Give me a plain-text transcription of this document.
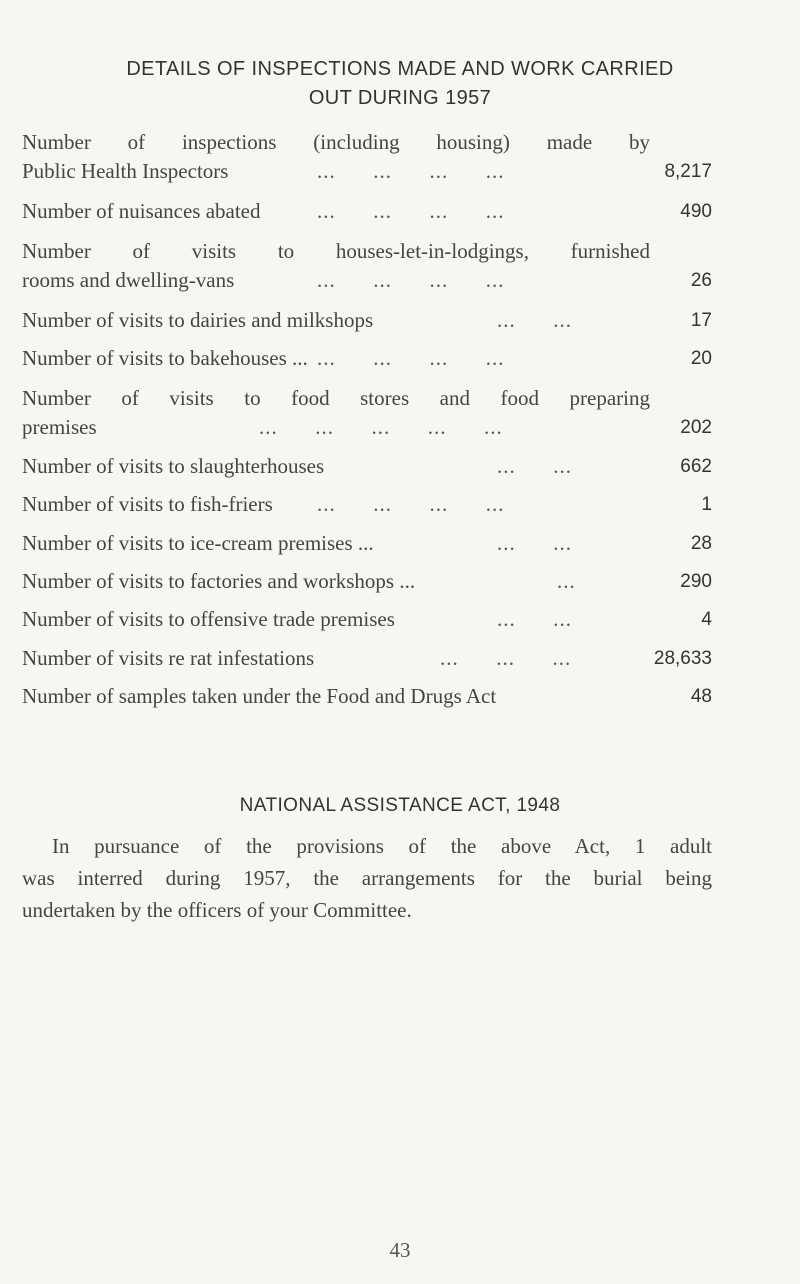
DETAILS OF INSPECTIONS MADE AND WORK CARRIED
OUT DURING 1957
Number of inspections (including housing) made by
Public Health Inspectors	...      ...      ...      ...	8,217
Number of nuisances abated	...      ...      ...      ...	490
Number of visits to houses-let-in-lodgings, furnished
rooms and dwelling-vans	...      ...      ...      ...	26
Number of visits to dairies and milkshops	...      ...	17
Number of visits to bakehouses ... ...      ...      ...      ...	20
Number of visits to food stores and food preparing
premises	...      ...      ...      ...      ...	202
Number of visits to slaughterhouses	...      ...	662
Number of visits to fish-friers ...      ...      ...      ...	1
Number of visits to ice-cream premises ...	...      ...	28
Number of visits to factories and workshops ...	...	290
Number of visits to offensive trade premises	...      ...	4
Number of visits re rat infestations	...      ...      ...	28,633
Number of samples taken under the Food and Drugs Act	48
NATIONAL ASSISTANCE ACT, 1948
In pursuance of the provisions of the above Act, 1 adult
was interred during 1957, the arrangements for the burial being
undertaken by the officers of your Committee.
43
